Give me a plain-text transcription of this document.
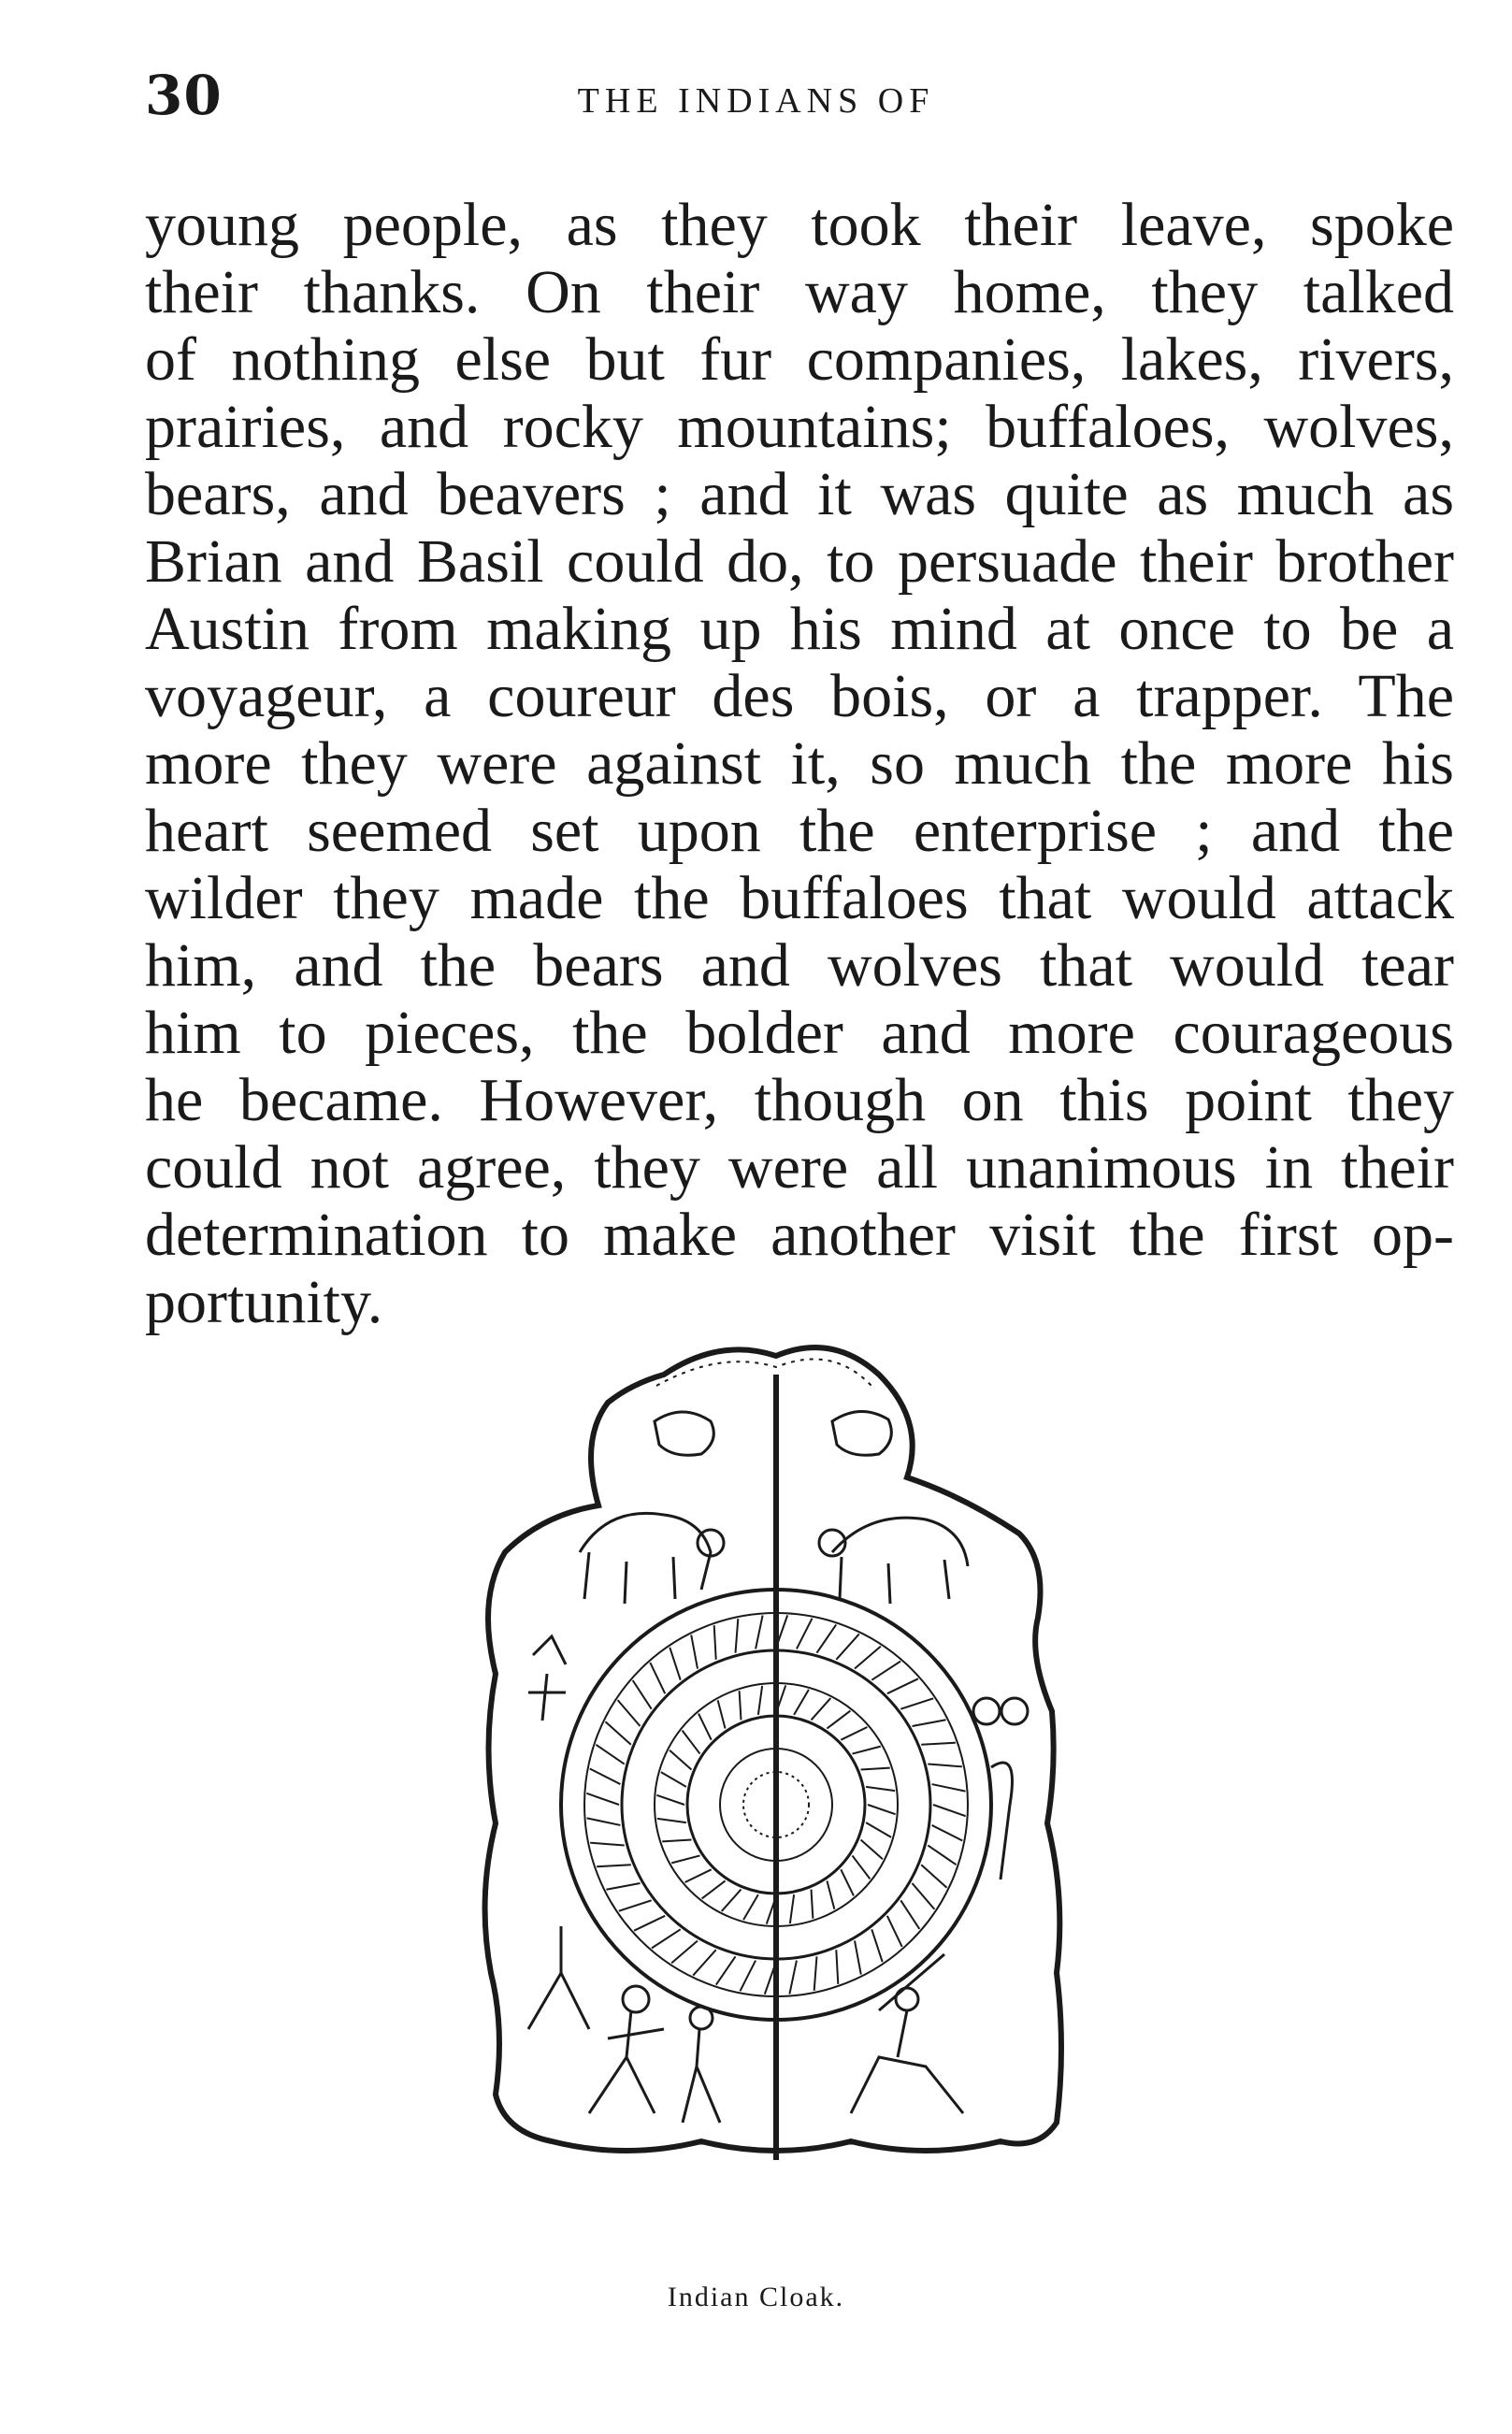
30	THE INDIANS OF
young people, as they took their leave, spoke
their thanks. On their way home, they talked
of nothing else but fur companies, lakes, rivers,
prairies, and rocky mountains; buffaloes, wolves,
bears, and beavers ; and it was quite as much as
Brian and Basil could do, to persuade their brother
Austin from making up his mind at once to be a
voyageur, a coureur des bois, or a trapper. The
more they were against it, so much the more his
heart seemed set upon the enterprise ; and the
wilder they made the buffaloes that would attack
him, and the bears and wolves that would tear
him to pieces, the bolder and more courageous
he became. However, though on this point they
could not agree, they were all unanimous in their
determination to make another visit the first op-
portunity.
Indian Cloak.
